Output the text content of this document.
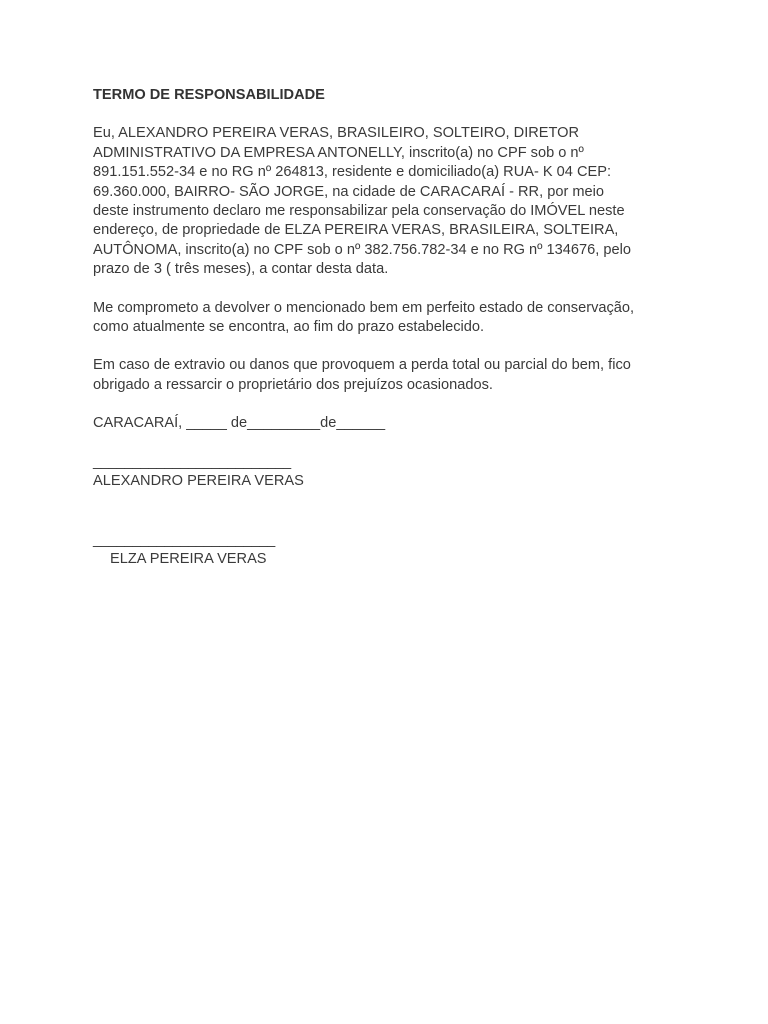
TERMO DE RESPONSABILIDADE
Eu, ALEXANDRO PEREIRA VERAS, BRASILEIRO, SOLTEIRO, DIRETOR
ADMINISTRATIVO DA EMPRESA ANTONELLY, inscrito(a) no CPF sob o nº
891.151.552-34 e no RG nº 264813, residente e domiciliado(a) RUA- K 04 CEP:
69.360.000, BAIRRO- SÃO JORGE, na cidade de CARACARAÍ - RR, por meio
deste instrumento declaro me responsabilizar pela conservação do IMÓVEL neste
endereço, de propriedade de ELZA PEREIRA VERAS, BRASILEIRA, SOLTEIRA,
AUTÔNOMA, inscrito(a) no CPF sob o nº 382.756.782-34 e no RG nº 134676, pelo
prazo de 3 ( três meses), a contar desta data.
Me comprometo a devolver o mencionado bem em perfeito estado de conservação,
como atualmente se encontra, ao fim do prazo estabelecido.
Em caso de extravio ou danos que provoquem a perda total ou parcial do bem, fico
obrigado a ressarcir o proprietário dos prejuízos ocasionados.
CARACARAÍ, _____ de_________de______
_________________________
ALEXANDRO PEREIRA VERAS
_______________________
ELZA PEREIRA VERAS
